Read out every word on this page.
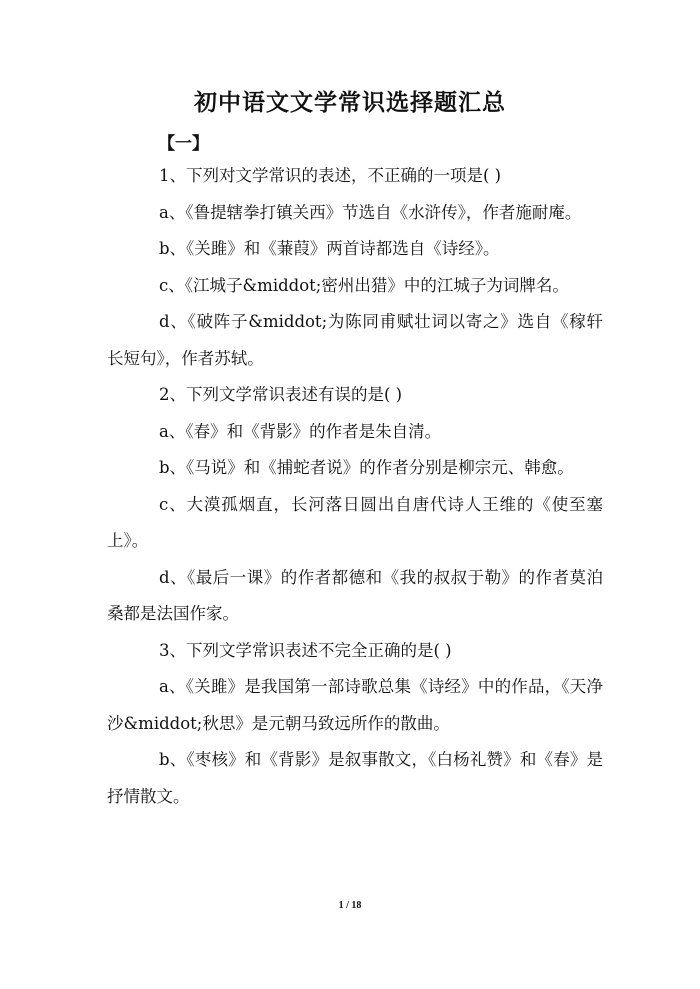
初中语文文学常识选择题汇总
【一】

1、下列对文学常识的表述，不正确的一项是( )

a、《鲁提辖拳打镇关西》节选自《水浒传》，作者施耐庵。

b、《关雎》和《蒹葭》两首诗都选自《诗经》。

c、《江城子&middot;密州出猎》中的江城子为词牌名。

d、《破阵子&middot;为陈同甫赋壮词以寄之》选自《稼轩长短句》，作者苏轼。

2、下列文学常识表述有误的是( )

a、《春》和《背影》的作者是朱自清。

b、《马说》和《捕蛇者说》的作者分别是柳宗元、韩愈。

c、大漠孤烟直，长河落日圆出自唐代诗人王维的《使至塞上》。

d、《最后一课》的作者都德和《我的叔叔于勒》的作者莫泊桑都是法国作家。

3、下列文学常识表述不完全正确的是( )

a、《关雎》是我国第一部诗歌总集《诗经》中的作品，《天净沙&middot;秋思》是元朝马致远所作的散曲。

b、《枣核》和《背影》是叙事散文，《白杨礼赞》和《春》是抒情散文。

1 / 18
